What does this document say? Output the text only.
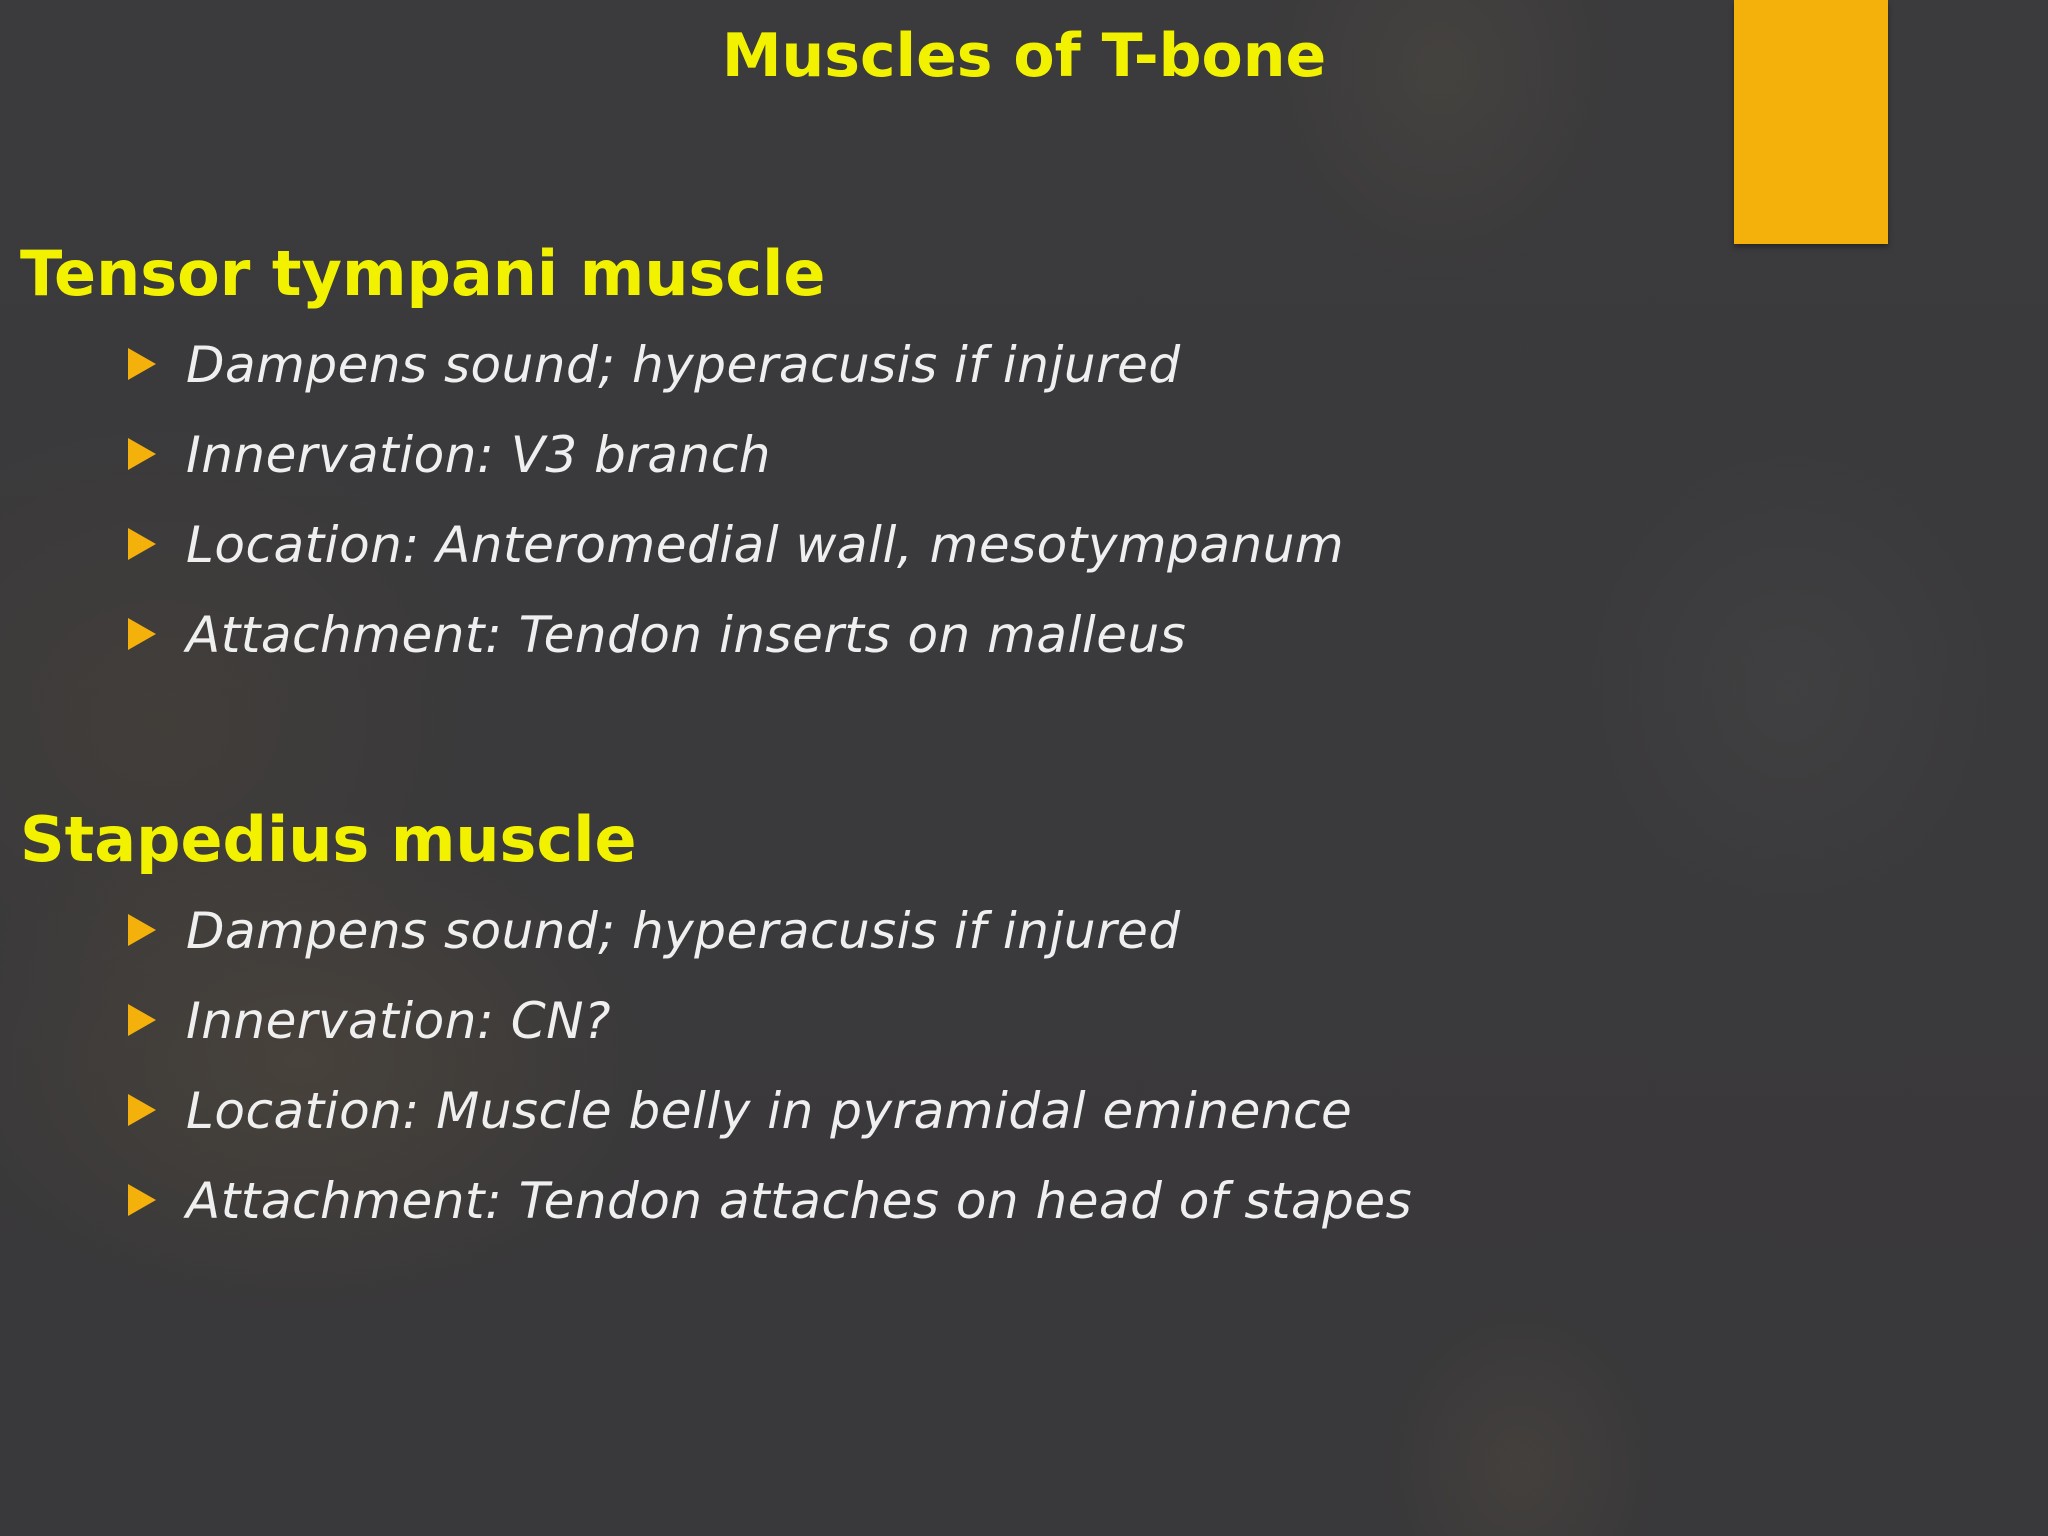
Muscles of T-bone
Tensor tympani muscle
Dampens sound; hyperacusis if injured
Innervation: V3 branch
Location: Anteromedial wall, mesotympanum
Attachment: Tendon inserts on malleus
Stapedius muscle
Dampens sound; hyperacusis if injured
Innervation: CN?
Location: Muscle belly in pyramidal eminence
Attachment: Tendon attaches on head of stapes
